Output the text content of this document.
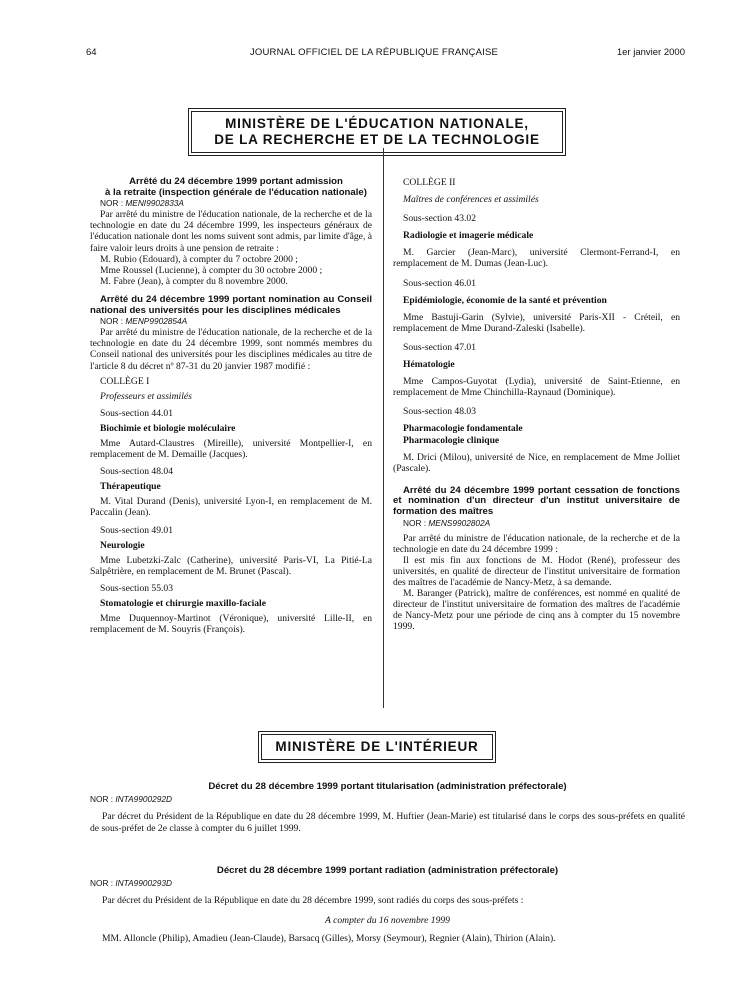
64	JOURNAL OFFICIEL DE LA RÉPUBLIQUE FRANÇAISE	1er janvier 2000
MINISTÈRE DE L'ÉDUCATION NATIONALE,
DE LA RECHERCHE ET DE LA TECHNOLOGIE

Arrêté du 24 décembre 1999 portant admission

à la retraite (inspection générale de l'éducation nationale)

NOR : MENI9902833A

Par arrêté du ministre de l'éducation nationale, de la recherche et de la technologie en date du 24 décembre 1999, les inspecteurs généraux de l'éducation nationale dont les noms suivent sont admis, par limite d'âge, à faire valoir leurs droits à une pension de retraite :

M. Rubio (Edouard), à compter du 7 octobre 2000 ;

Mme Roussel (Lucienne), à compter du 30 octobre 2000 ;

M. Fabre (Jean), à compter du 8 novembre 2000.

Arrêté du 24 décembre 1999 portant nomination au Conseil national des universités pour les disciplines médicales

NOR : MENP9902854A

Par arrêté du ministre de l'éducation nationale, de la recherche et de la technologie en date du 24 décembre 1999, sont nommés membres du Conseil national des universités pour les disciplines médicales au titre de l'article 8 du décret nº 87-31 du 20 janvier 1987 modifié :

COLLÈGE I

Professeurs et assimilés

Sous-section 44.01

Biochimie et biologie moléculaire

Mme Autard-Claustres (Mireille), université Montpellier-I, en remplacement de M. Demaille (Jacques).

Sous-section 48.04

Thérapeutique

M. Vital Durand (Denis), université Lyon-I, en remplacement de M. Paccalin (Jean).

Sous-section 49.01

Neurologie

Mme Lubetzki-Zalc (Catherine), université Paris-VI, La Pitié-La Salpêtrière, en remplacement de M. Brunet (Pascal).

Sous-section 55.03

Stomatologie et chirurgie maxillo-faciale

Mme Duquennoy-Martinot (Véronique), université Lille-II, en remplacement de M. Souyris (François).

COLLÈGE II

Maîtres de conférences et assimilés

Sous-section 43.02

Radiologie et imagerie médicale

M. Garcier (Jean-Marc), université Clermont-Ferrand-I, en remplacement de M. Dumas (Jean-Luc).

Sous-section 46.01

Epidémiologie, économie de la santé et prévention

Mme Bastuji-Garin (Sylvie), université Paris-XII - Créteil, en remplacement de Mme Durand-Zaleski (Isabelle).

Sous-section 47.01

Hématologie

Mme Campos-Guyotat (Lydia), université de Saint-Etienne, en remplacement de Mme Chinchilla-Raynaud (Dominique).

Sous-section 48.03

Pharmacologie fondamentale

Pharmacologie clinique

M. Drici (Milou), université de Nice, en remplacement de Mme Jolliet (Pascale).

Arrêté du 24 décembre 1999 portant cessation de fonctions et nomination d'un directeur d'un institut universitaire de formation des maîtres

NOR : MENS9902802A

Par arrêté du ministre de l'éducation nationale, de la recherche et de la technologie en date du 24 décembre 1999 :

Il est mis fin aux fonctions de M. Hodot (René), professeur des universités, en qualité de directeur de l'institut universitaire de formation des maîtres de l'académie de Nancy-Metz, à sa demande.

M. Baranger (Patrick), maître de conférences, est nommé en qualité de directeur de l'institut universitaire de formation des maîtres de l'académie de Nancy-Metz pour une période de cinq ans à compter du 15 novembre 1999.

MINISTÈRE DE L'INTÉRIEUR

Décret du 28 décembre 1999 portant titularisation (administration préfectorale)

NOR : INTA9900292D

Par décret du Président de la République en date du 28 décembre 1999, M. Huftier (Jean-Marie) est titularisé dans le corps des sous-préfets en qualité de sous-préfet de 2e classe à compter du 6 juillet 1999.

Décret du 28 décembre 1999 portant radiation (administration préfectorale)

NOR : INTA9900293D

Par décret du Président de la République en date du 28 décembre 1999, sont radiés du corps des sous-préfets :

A compter du 16 novembre 1999

MM. Alloncle (Philip), Amadieu (Jean-Claude), Barsacq (Gilles), Morsy (Seymour), Regnier (Alain), Thirion (Alain).
